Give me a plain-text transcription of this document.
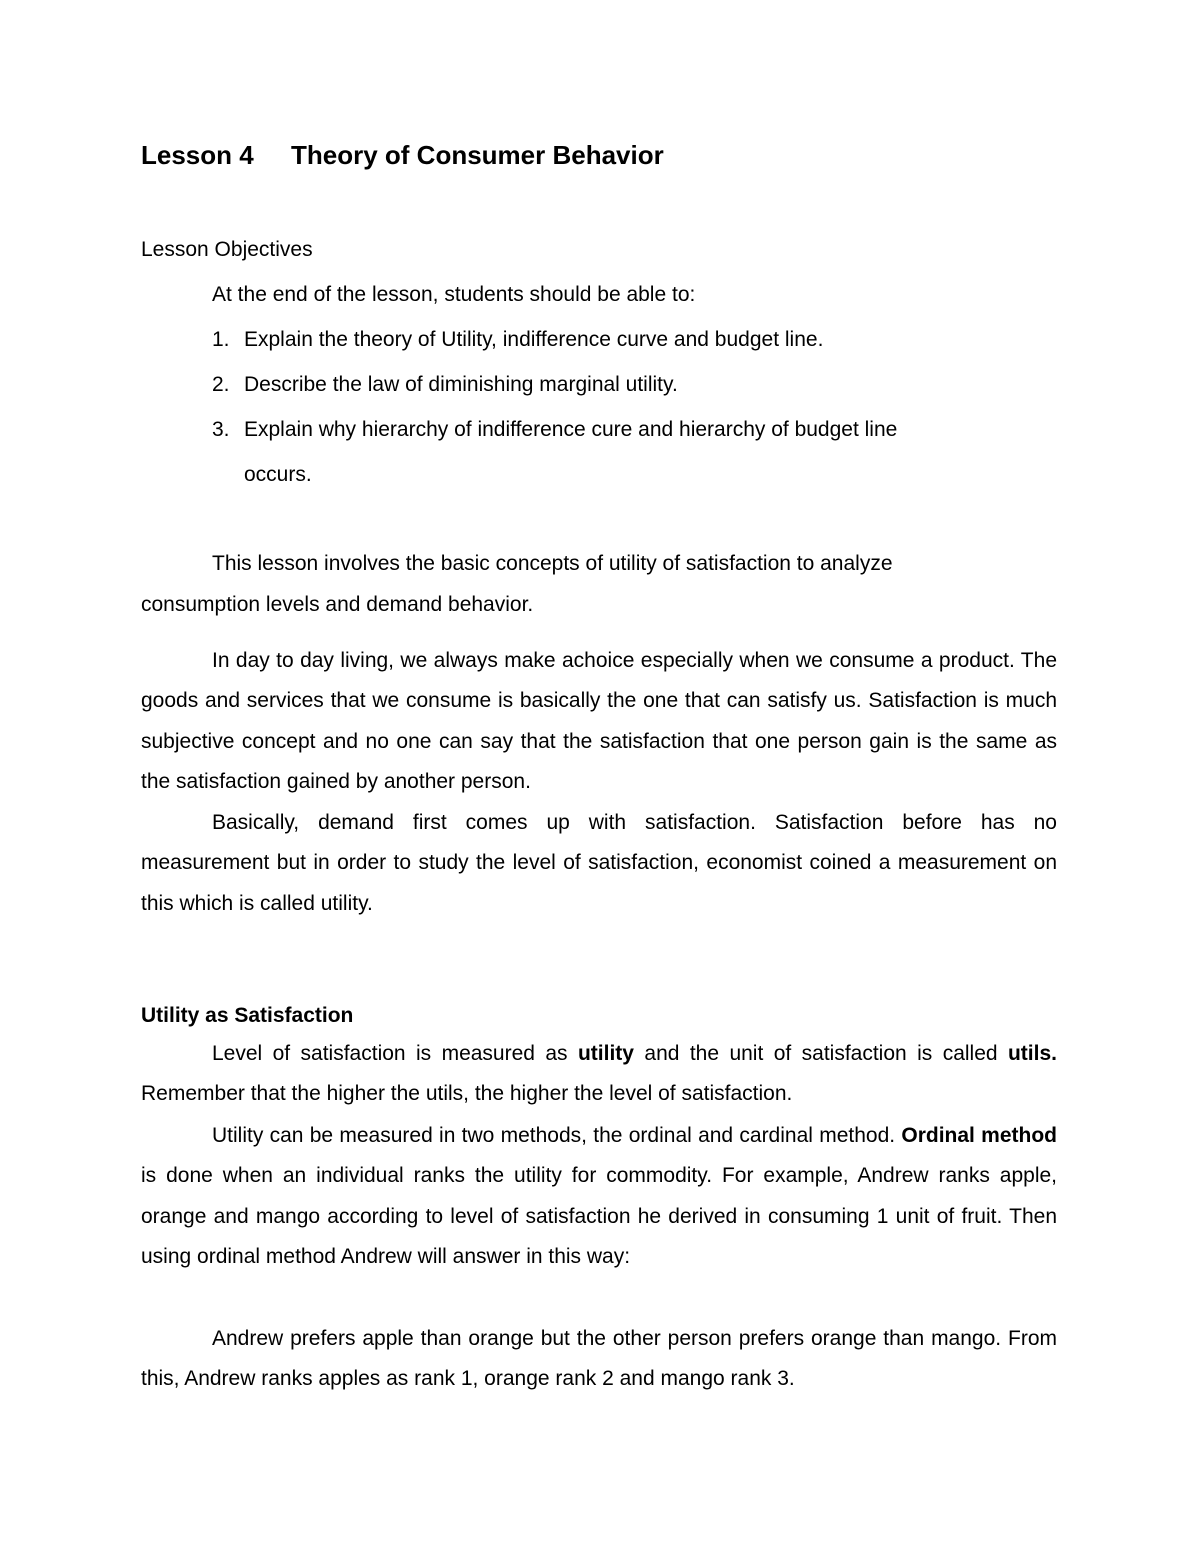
Lesson 4 Theory of Consumer Behavior
Lesson Objectives
At the end of the lesson, students should be able to:
1. Explain the theory of Utility, indifference curve and budget line.
2. Describe the law of diminishing marginal utility.
3. Explain why hierarchy of indifference cure and hierarchy of budget line
occurs.
This lesson involves the basic concepts of utility of satisfaction to analyze
consumption levels and demand behavior.

In day to day living, we always make achoice especially when we consume a product. The goods and services that we consume is basically the one that can satisfy us. Satisfaction is much subjective concept and no one can say that the satisfaction that one person gain is the same as the satisfaction gained by another person.

Basically, demand first comes up with satisfaction. Satisfaction before has no measurement but in order to study the level of satisfaction, economist coined a measurement on this which is called utility.

Utility as Satisfaction

Level of satisfaction is measured as utility and the unit of satisfaction is called utils. Remember that the higher the utils, the higher the level of satisfaction.

Utility can be measured in two methods, the ordinal and cardinal method. Ordinal method is done when an individual ranks the utility for commodity. For example, Andrew ranks apple, orange and mango according to level of satisfaction he derived in consuming 1 unit of fruit. Then using ordinal method Andrew will answer in this way:

Andrew prefers apple than orange but the other person prefers orange than mango. From this, Andrew ranks apples as rank 1, orange rank 2 and mango rank 3.
